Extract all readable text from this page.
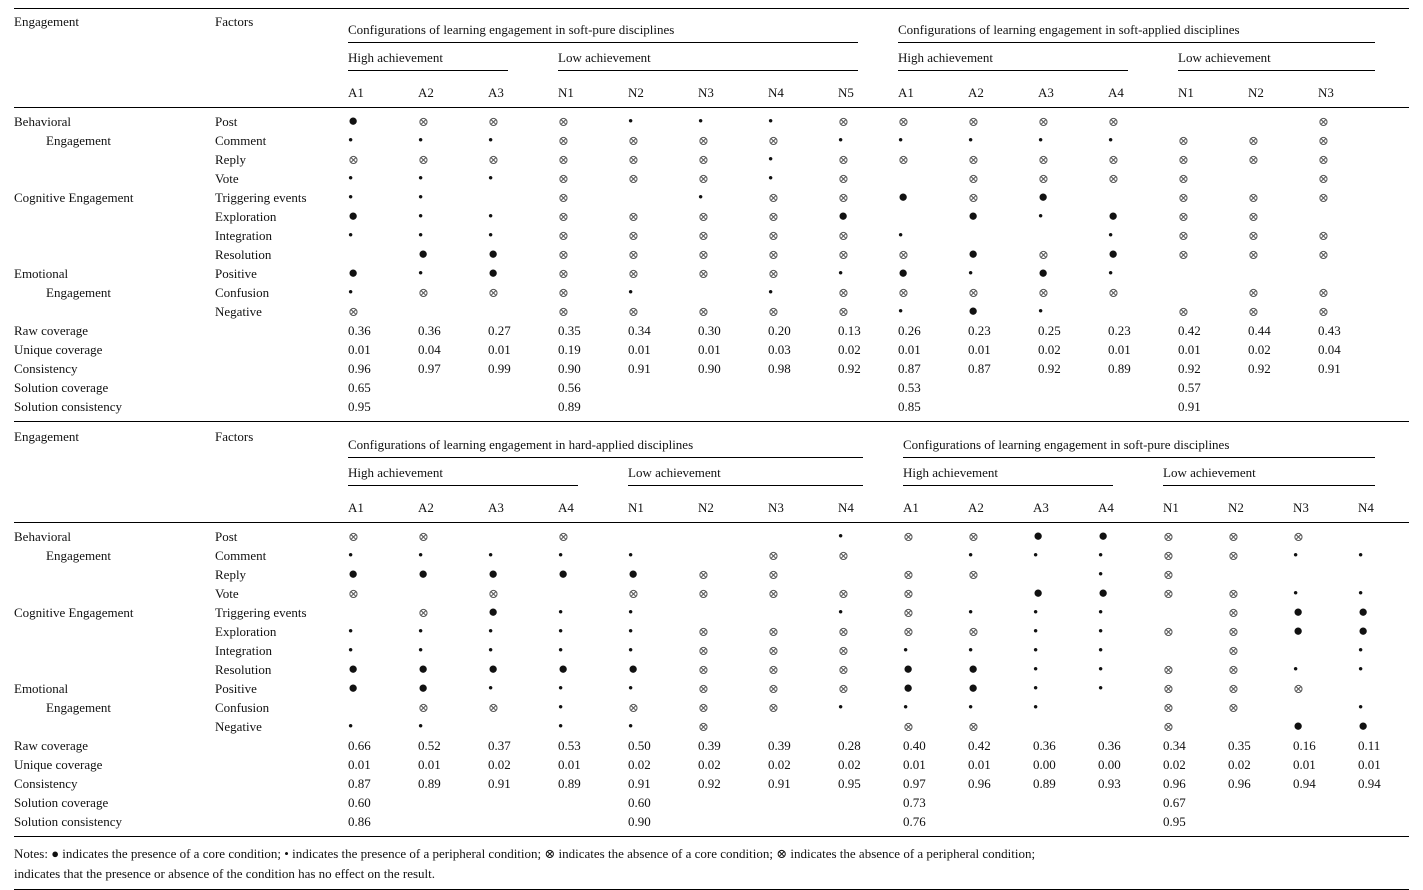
Engagement	Factors	Configurations of learning engagement in soft-pure disciplines								Configurations of learning engagement in soft-applied disciplines						

		High achievement			Low achievement					High achievement				Low achievement		

		A1	A2	A3	N1	N2	N3	N4	N5	A1	A2	A3	A4	N1	N2	N3
Behavioral	Post	●	⊗	⊗	⊗	•	•	•	⊗	⊗	⊗	⊗	⊗			⊗
Engagement	Comment	•	•	•	⊗	⊗	⊗	⊗	•	•	•	•	•	⊗	⊗	⊗
	Reply	⊗	⊗	⊗	⊗	⊗	⊗	•	⊗	⊗	⊗	⊗	⊗	⊗	⊗	⊗
	Vote	•	•	•	⊗	⊗	⊗	•	⊗		⊗	⊗	⊗	⊗		⊗
Cognitive Engagement	Triggering events	•	•		⊗		•	⊗	⊗	●	⊗	●		⊗	⊗	⊗
	Exploration	●	•	•	⊗	⊗	⊗	⊗	●		●	•	●	⊗	⊗	
	Integration	•	•	•	⊗	⊗	⊗	⊗	⊗	•			•	⊗	⊗	⊗
	Resolution		●	●	⊗	⊗	⊗	⊗	⊗	⊗	●	⊗	●	⊗	⊗	⊗
Emotional	Positive	●	•	●	⊗	⊗	⊗	⊗	•	●	•	●	•			
Engagement	Confusion	•	⊗	⊗	⊗	•		•	⊗	⊗	⊗	⊗	⊗		⊗	⊗
	Negative	⊗			⊗	⊗	⊗	⊗	⊗	•	●	•		⊗	⊗	⊗
Raw coverage		0.36	0.36	0.27	0.35	0.34	0.30	0.20	0.13	0.26	0.23	0.25	0.23	0.42	0.44	0.43
Unique coverage		0.01	0.04	0.01	0.19	0.01	0.01	0.03	0.02	0.01	0.01	0.02	0.01	0.01	0.02	0.04
Consistency		0.96	0.97	0.99	0.90	0.91	0.90	0.98	0.92	0.87	0.87	0.92	0.89	0.92	0.92	0.91
Solution coverage		0.65			0.56					0.53				0.57		
Solution consistency		0.95			0.89					0.85				0.91		
Engagement	Factors	Configurations of learning engagement in hard-applied disciplines								Configurations of learning engagement in soft-pure disciplines							

		High achievement				Low achievement				High achievement				Low achievement			

		A1	A2	A3	A4	N1	N2	N3	N4	A1	A2	A3	A4	N1	N2	N3	N4
Behavioral	Post	⊗	⊗		⊗				•	⊗	⊗	●	●	⊗	⊗	⊗	
Engagement	Comment	•	•	•	•	•		⊗	⊗		•	•	•	⊗	⊗	•	•
	Reply	●	●	●	●	●	⊗	⊗		⊗	⊗		•	⊗			
	Vote	⊗		⊗		⊗	⊗	⊗	⊗	⊗		●	●	⊗	⊗	•	•
Cognitive Engagement	Triggering events		⊗	●	•	•			•	⊗	•	•	•		⊗	●	●
	Exploration	•	•	•	•	•	⊗	⊗	⊗	⊗	⊗	•	•	⊗	⊗	●	●
	Integration	•	•	•	•	•	⊗	⊗	⊗	•	•	•	•		⊗		•
	Resolution	●	●	●	●	●	⊗	⊗	⊗	●	●	•	•	⊗	⊗	•	•
Emotional	Positive	●	●	•	•	•	⊗	⊗	⊗	●	●	•	•	⊗	⊗	⊗	
Engagement	Confusion		⊗	⊗	•	⊗	⊗	⊗	•	•	•	•		⊗	⊗		•
	Negative	•	•		•	•	⊗			⊗	⊗			⊗		●	●
Raw coverage		0.66	0.52	0.37	0.53	0.50	0.39	0.39	0.28	0.40	0.42	0.36	0.36	0.34	0.35	0.16	0.11
Unique coverage		0.01	0.01	0.02	0.01	0.02	0.02	0.02	0.02	0.01	0.01	0.00	0.00	0.02	0.02	0.01	0.01
Consistency		0.87	0.89	0.91	0.89	0.91	0.92	0.91	0.95	0.97	0.96	0.89	0.93	0.96	0.96	0.94	0.94
Solution coverage		0.60				0.60				0.73				0.67			
Solution consistency		0.86				0.90				0.76				0.95			
Notes: ● indicates the presence of a core condition; • indicates the presence of a peripheral condition; ⊗ indicates the absence of a core condition; ⊗ indicates the absence of a peripheral condition;
indicates that the presence or absence of the condition has no effect on the result.
